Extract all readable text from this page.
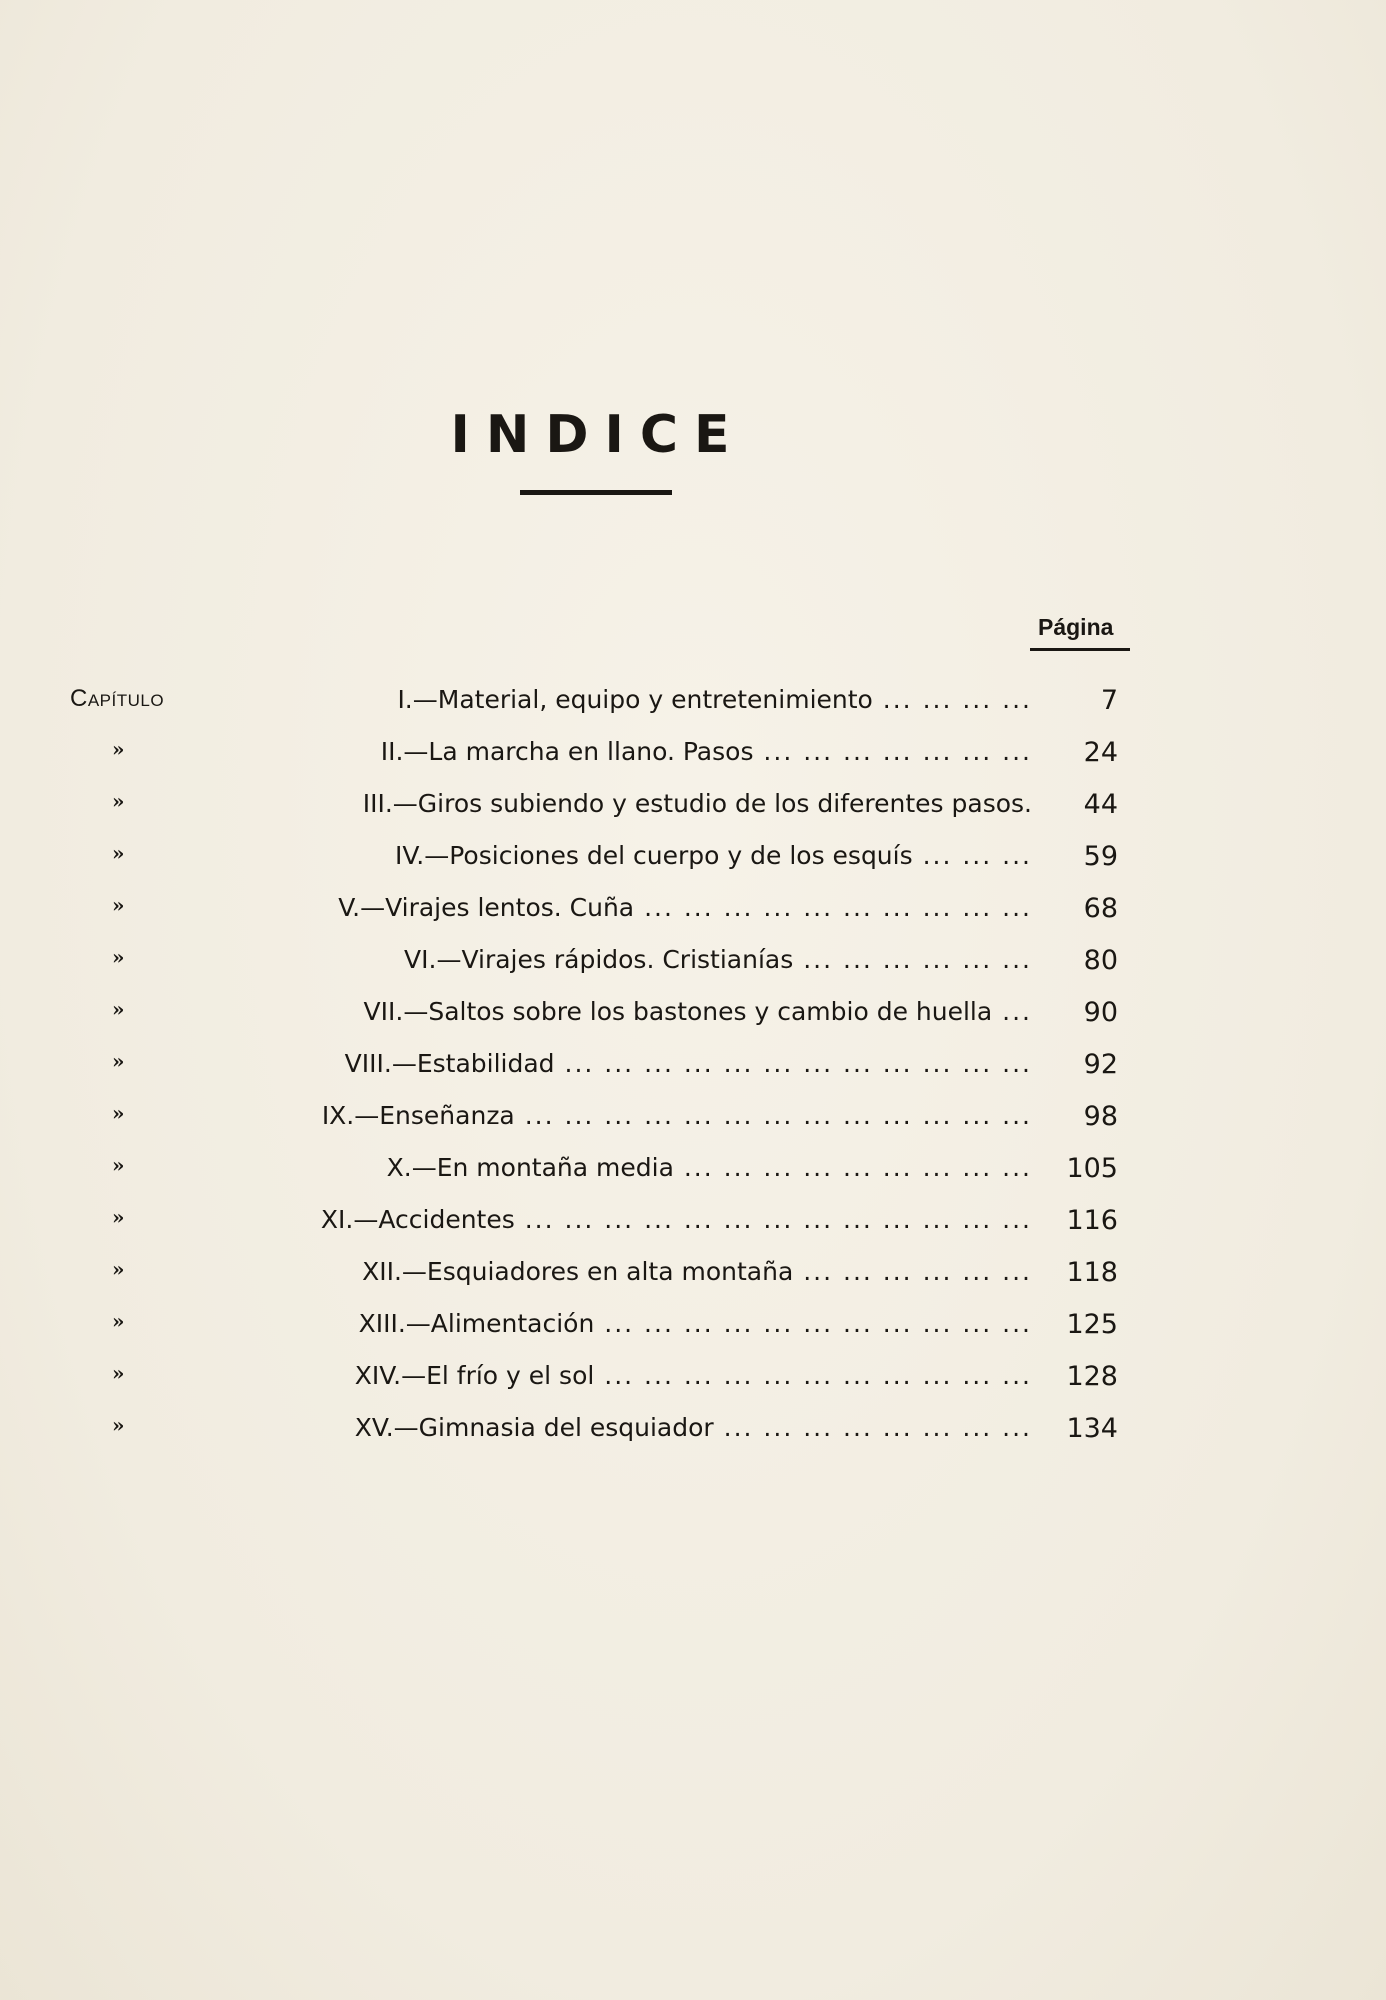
INDICE
Página
Capítulo	I.—Material, equipo y entretenimiento ... ... ... ...	7
»	II.—La marcha en llano. Pasos ... ... ... ... ... ... ... 24
»	III.—Giros subiendo y estudio de los diferentes pasos. 44
»	IV.—Posiciones del cuerpo y de los esquís ... ... ... 59
»	V.—Virajes lentos. Cuña ... ... ... ... ... ... ... ... ... ... 68
»	VI.—Virajes rápidos. Cristianías ... ... ... ... ... ... 80
»	VII.—Saltos sobre los bastones y cambio de huella ... 90
»	VIII.—Estabilidad ... ... ... ... ... ... ... ... ... ... ... ... 92
»	IX.—Enseñanza ... ... ... ... ... ... ... ... ... ... ... ... ... 98
»	X.—En montaña media ... ... ... ... ... ... ... ... ... 105
»	XI.—Accidentes ... ... ... ... ... ... ... ... ... ... ... ... ... 116
»	XII.—Esquiadores en alta montaña ... ... ... ... ... ... 118
»	XIII.—Alimentación ... ... ... ... ... ... ... ... ... ... ... 125
»	XIV.—El frío y el sol ... ... ... ... ... ... ... ... ... ... ... 128
»	XV.—Gimnasia del esquiador ... ... ... ... ... ... ... ... 134
